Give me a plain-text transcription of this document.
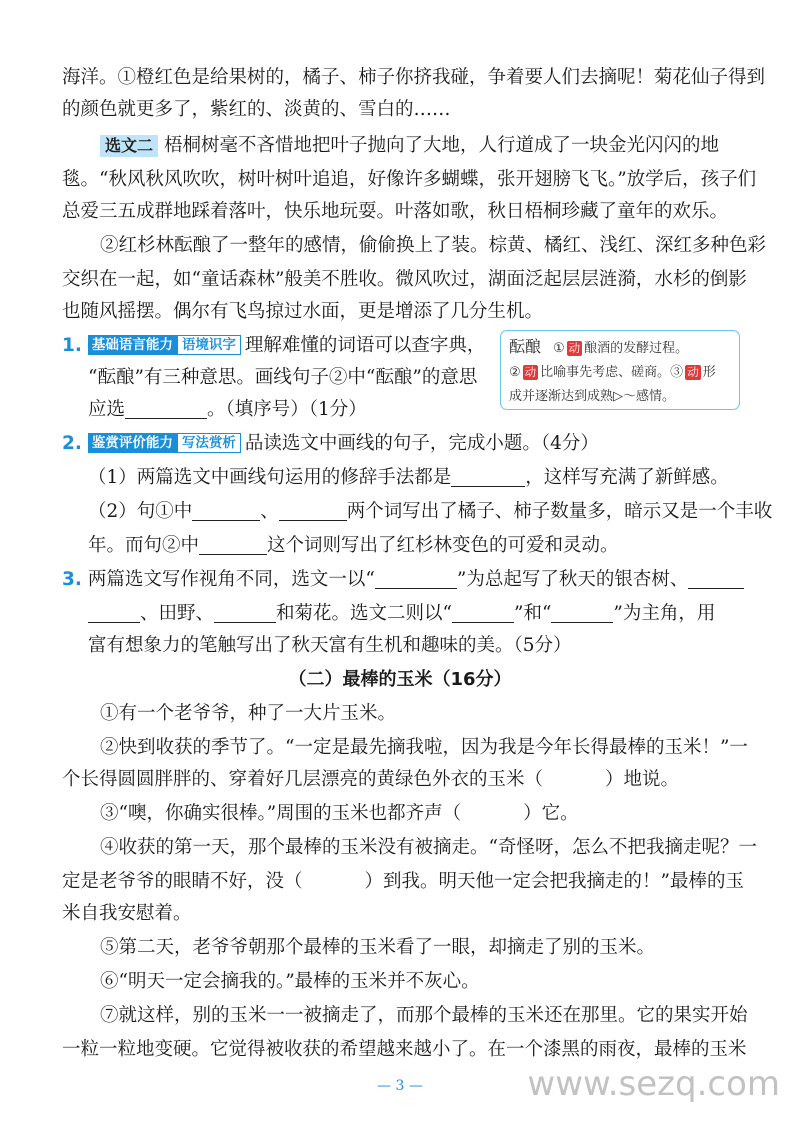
海洋。①橙红色是给果树的，橘子、柿子你挤我碰，争着要人们去摘呢！菊花仙子得到
的颜色就更多了，紫红的、淡黄的、雪白的……
选文二 梧桐树毫不吝惜地把叶子抛向了大地，人行道成了一块金光闪闪的地
毯。“秋风秋风吹吹，树叶树叶追追，好像许多蝴蝶，张开翅膀飞飞。”放学后，孩子们
总爱三五成群地踩着落叶，快乐地玩耍。叶落如歌，秋日梧桐珍藏了童年的欢乐。
②红杉林酝酿了一整年的感情，偷偷换上了装。棕黄、橘红、浅红、深红多种色彩
交织在一起，如“童话森林”般美不胜收。微风吹过，湖面泛起层层涟漪，水杉的倒影
也随风摇摆。偶尔有飞鸟掠过水面，更是增添了几分生机。
1. 基础语言能力 语境识字 理解难懂的词语可以查字典，
“酝酿”有三种意思。画线句子②中“酝酿”的意思
应选	。（填序号）（1分）
酝酿 ① 动 酿酒的发酵过程。
② 动 比喻事先考虑、磋商。③ 动 形
成并逐渐达到成熟▷～感情。
2. 鉴赏评价能力 写法赏析 品读选文中画线的句子，完成小题。（4分）
（1）两篇选文中画线句运用的修辞手法都是	，这样写充满了新鲜感。
（2）句①中	、	两个词写出了橘子、柿子数量多，暗示又是一个丰收
年。而句②中	这个词则写出了红杉林变色的可爱和灵动。
3. 两篇选文写作视角不同，选文一以“	”为总起写了秋天的银杏树、
、田野、	和菊花。选文二则以“	”和“	”为主角，用
富有想象力的笔触写出了秋天富有生机和趣味的美。（5分）
（二）最棒的玉米（16分）
①有一个老爷爷，种了一大片玉米。
②快到收获的季节了。“一定是最先摘我啦，因为我是今年长得最棒的玉米！”一
个长得圆圆胖胖的、穿着好几层漂亮的黄绿色外衣的玉米（	）地说。
③“噢，你确实很棒。”周围的玉米也都齐声（	）它。
④收获的第一天，那个最棒的玉米没有被摘走。“奇怪呀，怎么不把我摘走呢？一
定是老爷爷的眼睛不好，没（	）到我。明天他一定会把我摘走的！”最棒的玉
米自我安慰着。
⑤第二天，老爷爷朝那个最棒的玉米看了一眼，却摘走了别的玉米。
⑥“明天一定会摘我的。”最棒的玉米并不灰心。
⑦就这样，别的玉米一一被摘走了，而那个最棒的玉米还在那里。它的果实开始
一粒一粒地变硬。它觉得被收获的希望越来越小了。在一个漆黑的雨夜，最棒的玉米
— 3 —	www.sezq.com
